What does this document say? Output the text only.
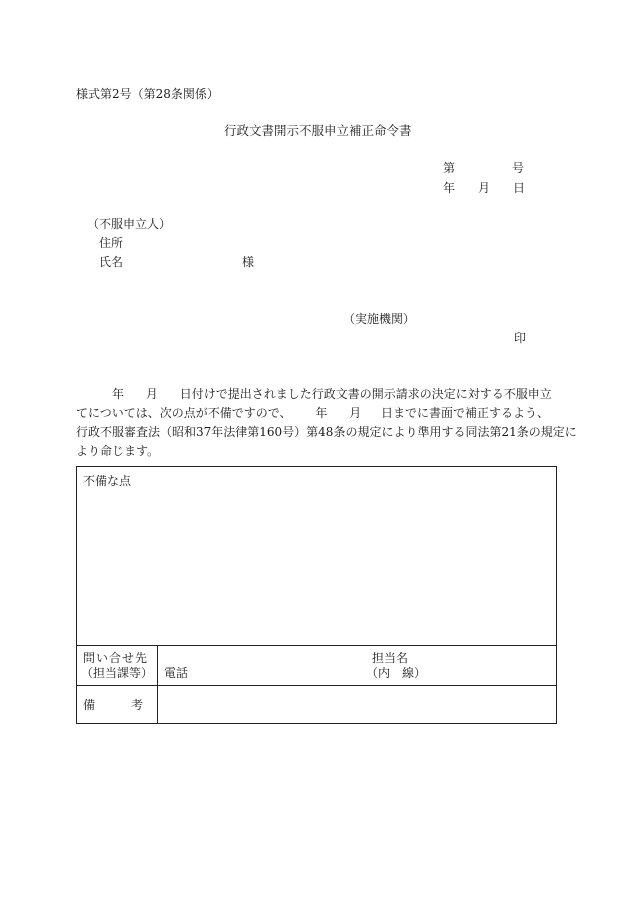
様式第2号（第28条関係）
行政文書開示不服申立補正命令書
第	号
年 月 日
（不服申立人）
住所
氏名	様
（実施機関）
印
年 月 日付けで提出されました行政文書の開示請求の決定に対する不服申立
てについては、次の点が不備ですので、 年 月 日までに書面で補正するよう、
行政不服審査法（昭和37年法律第160号）第48条の規定により準用する同法第21条の規定に
より命じます。
不備な点
問い合せ先
（担当課等） 電話
担当名
（内　線）
備　　　考
